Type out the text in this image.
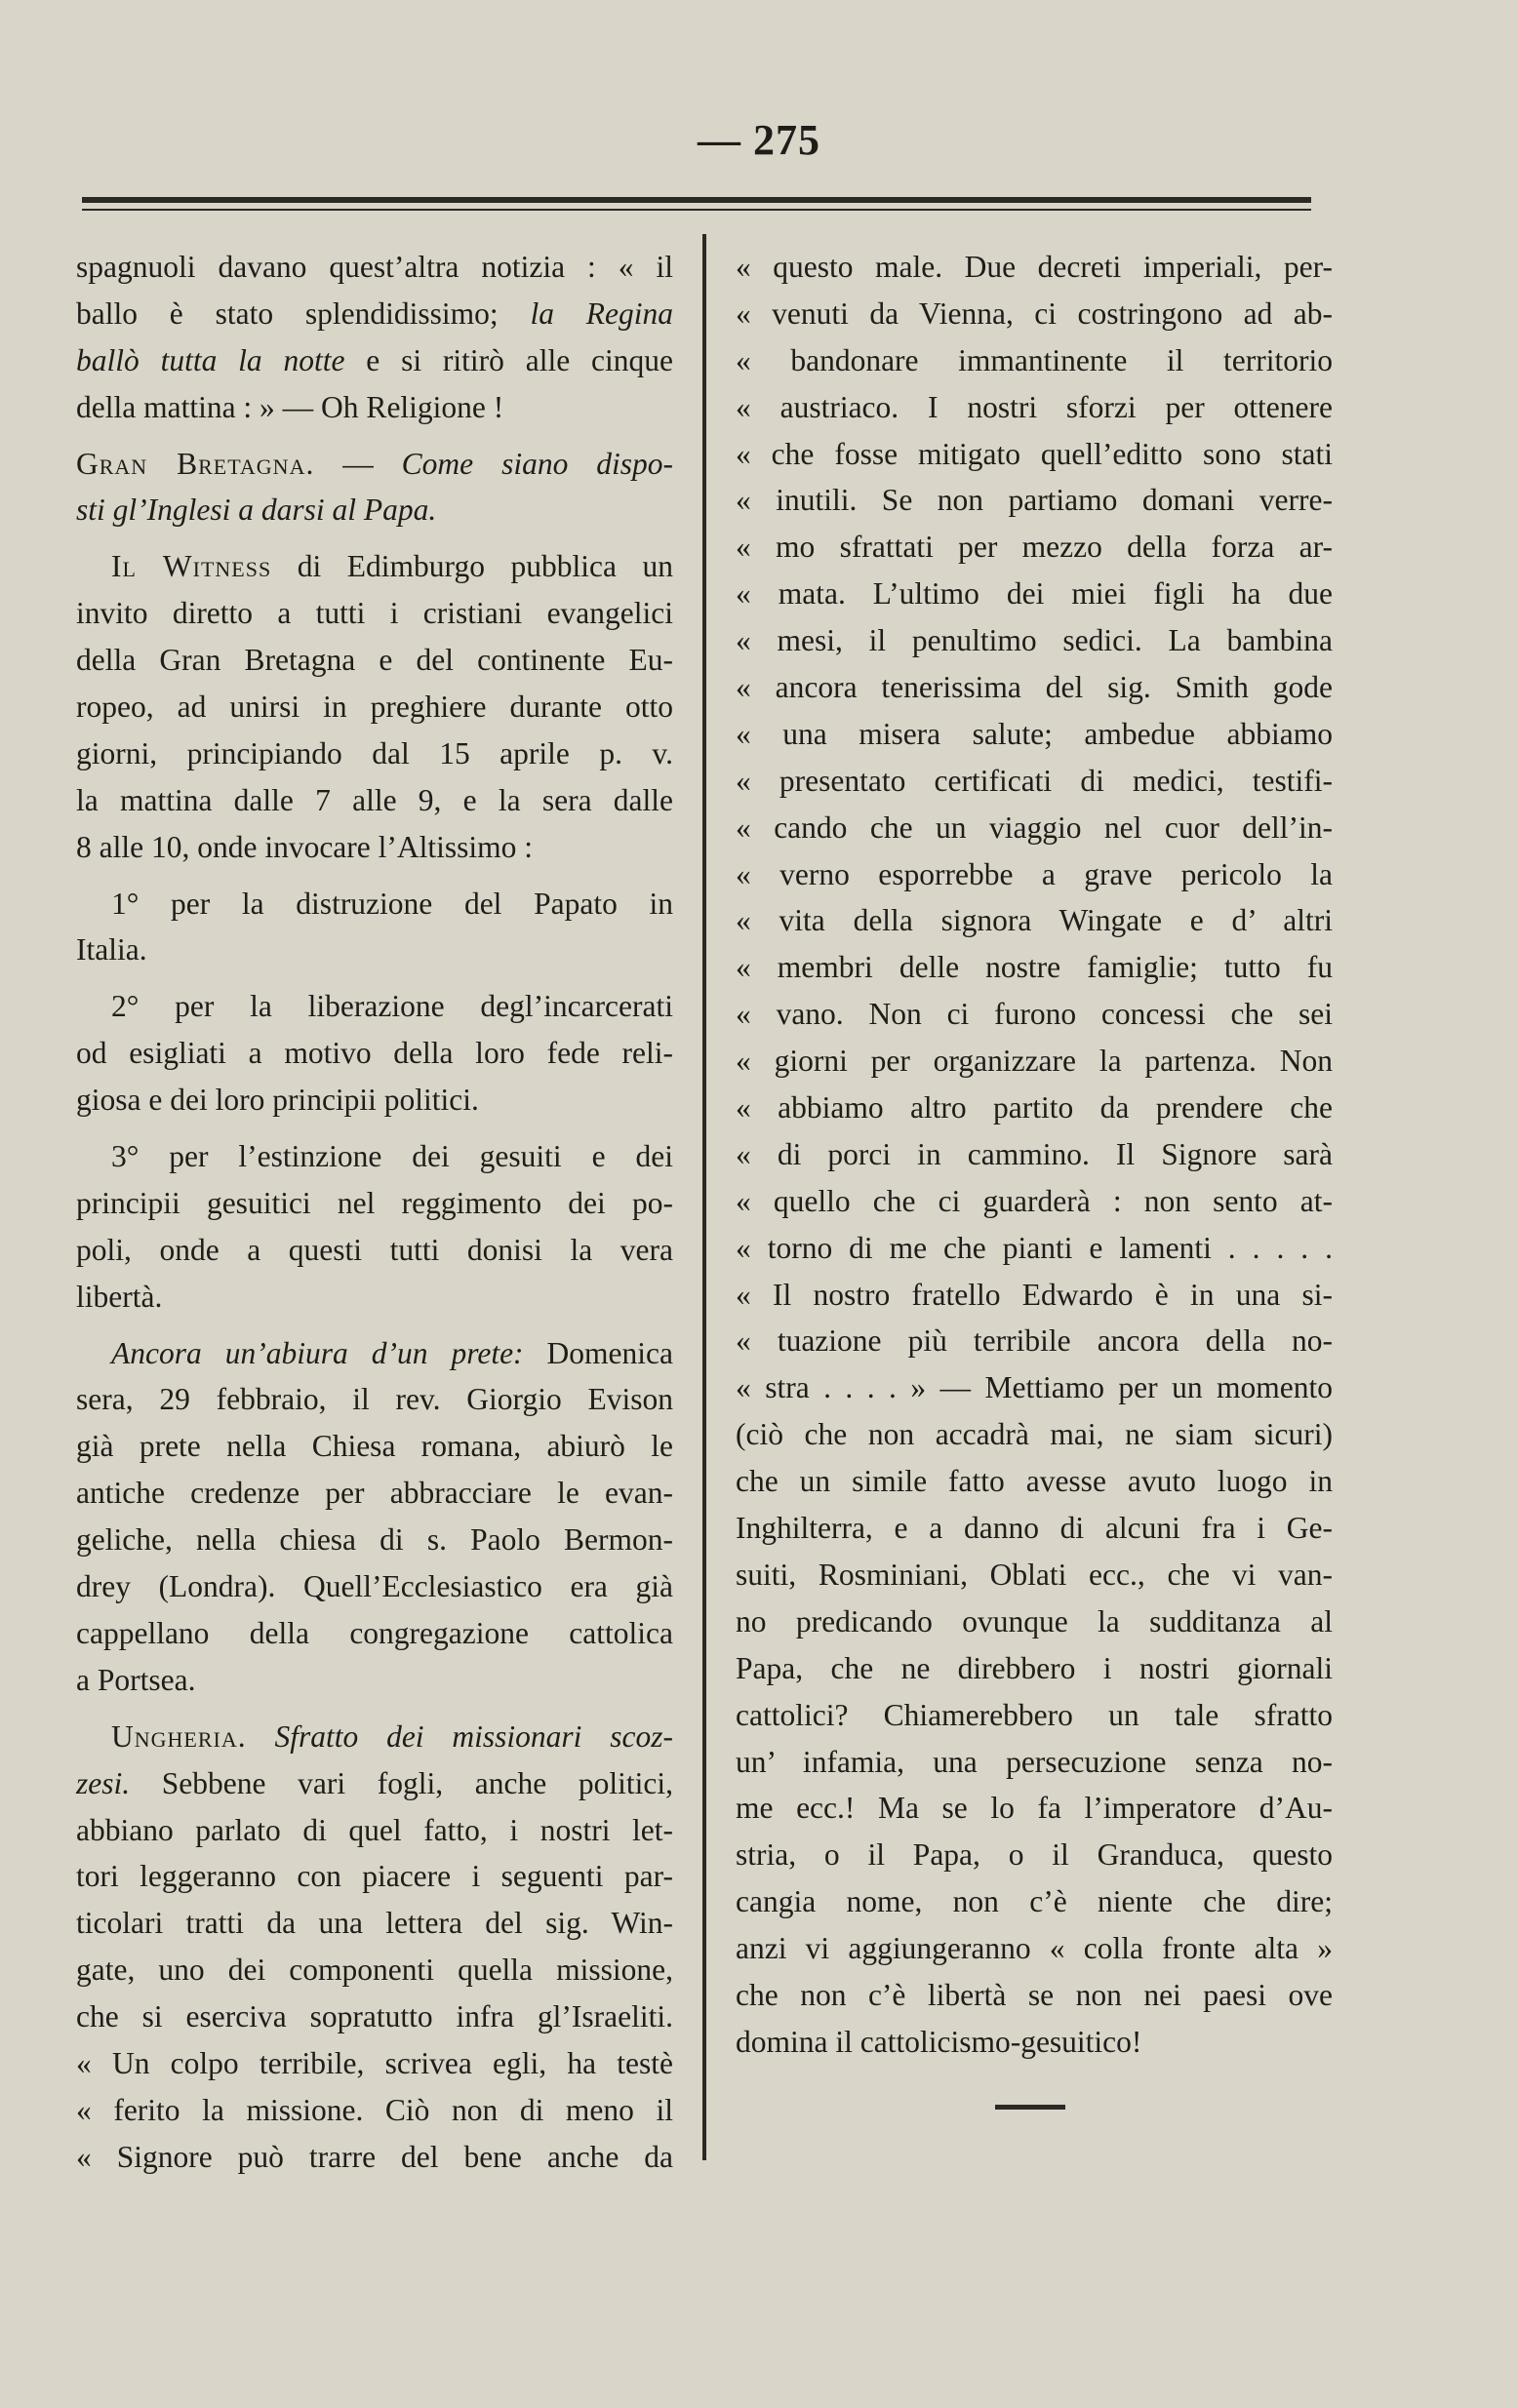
— 275
spagnuoli davano quest’altra notizia : « il
ballo è stato splendidissimo; la Regina
ballò tutta la notte e si ritirò alle cinque
della mattina : » — Oh Religione !
Gran Bretagna. — Come siano dispo-
sti gl’Inglesi a darsi al Papa.
Il Witness di Edimburgo pubblica un
invito diretto a tutti i cristiani evangelici
della Gran Bretagna e del continente Eu-
ropeo, ad unirsi in preghiere durante otto
giorni, principiando dal 15 aprile p. v.
la mattina dalle 7 alle 9, e la sera dalle
8 alle 10, onde invocare l’Altissimo :
1° per la distruzione del Papato in
Italia.
2° per la liberazione degl’incarcerati
od esigliati a motivo della loro fede reli-
giosa e dei loro principii politici.
3° per l’estinzione dei gesuiti e dei
principii gesuitici nel reggimento dei po-
poli, onde a questi tutti donisi la vera
libertà.
Ancora un’abiura d’un prete: Domenica
sera, 29 febbraio, il rev. Giorgio Evison
già prete nella Chiesa romana, abiurò le
antiche credenze per abbracciare le evan-
geliche, nella chiesa di s. Paolo Bermon-
drey (Londra). Quell’Ecclesiastico era già
cappellano della congregazione cattolica
a Portsea.
Ungheria. Sfratto dei missionari scoz-
zesi. Sebbene vari fogli, anche politici,
abbiano parlato di quel fatto, i nostri let-
tori leggeranno con piacere i seguenti par-
ticolari tratti da una lettera del sig. Win-
gate, uno dei componenti quella missione,
che si eserciva sopratutto infra gl’Israeliti.
« Un colpo terribile, scrivea egli, ha testè
« ferito la missione. Ciò non di meno il
« Signore può trarre del bene anche da
« questo male. Due decreti imperiali, per-
« venuti da Vienna, ci costringono ad ab-
« bandonare immantinente il territorio
« austriaco. I nostri sforzi per ottenere
« che fosse mitigato quell’editto sono stati
« inutili. Se non partiamo domani verre-
« mo sfrattati per mezzo della forza ar-
« mata. L’ultimo dei miei figli ha due
« mesi, il penultimo sedici. La bambina
« ancora tenerissima del sig. Smith gode
« una misera salute; ambedue abbiamo
« presentato certificati di medici, testifi-
« cando che un viaggio nel cuor dell’in-
« verno esporrebbe a grave pericolo la
« vita della signora Wingate e d’ altri
« membri delle nostre famiglie; tutto fu
« vano. Non ci furono concessi che sei
« giorni per organizzare la partenza. Non
« abbiamo altro partito da prendere che
« di porci in cammino. Il Signore sarà
« quello che ci guarderà : non sento at-
« torno di me che pianti e lamenti . . . . .
« Il nostro fratello Edwardo è in una si-
« tuazione più terribile ancora della no-
« stra . . . . » — Mettiamo per un momento
(ciò che non accadrà mai, ne siam sicuri)
che un simile fatto avesse avuto luogo in
Inghilterra, e a danno di alcuni fra i Ge-
suiti, Rosminiani, Oblati ecc., che vi van-
no predicando ovunque la sudditanza al
Papa, che ne direbbero i nostri giornali
cattolici? Chiamerebbero un tale sfratto
un’ infamia, una persecuzione senza no-
me ecc.! Ma se lo fa l’imperatore d’Au-
stria, o il Papa, o il Granduca, questo
cangia nome, non c’è niente che dire;
anzi vi aggiungeranno « colla fronte alta »
che non c’è libertà se non nei paesi ove
domina il cattolicismo-gesuitico!
